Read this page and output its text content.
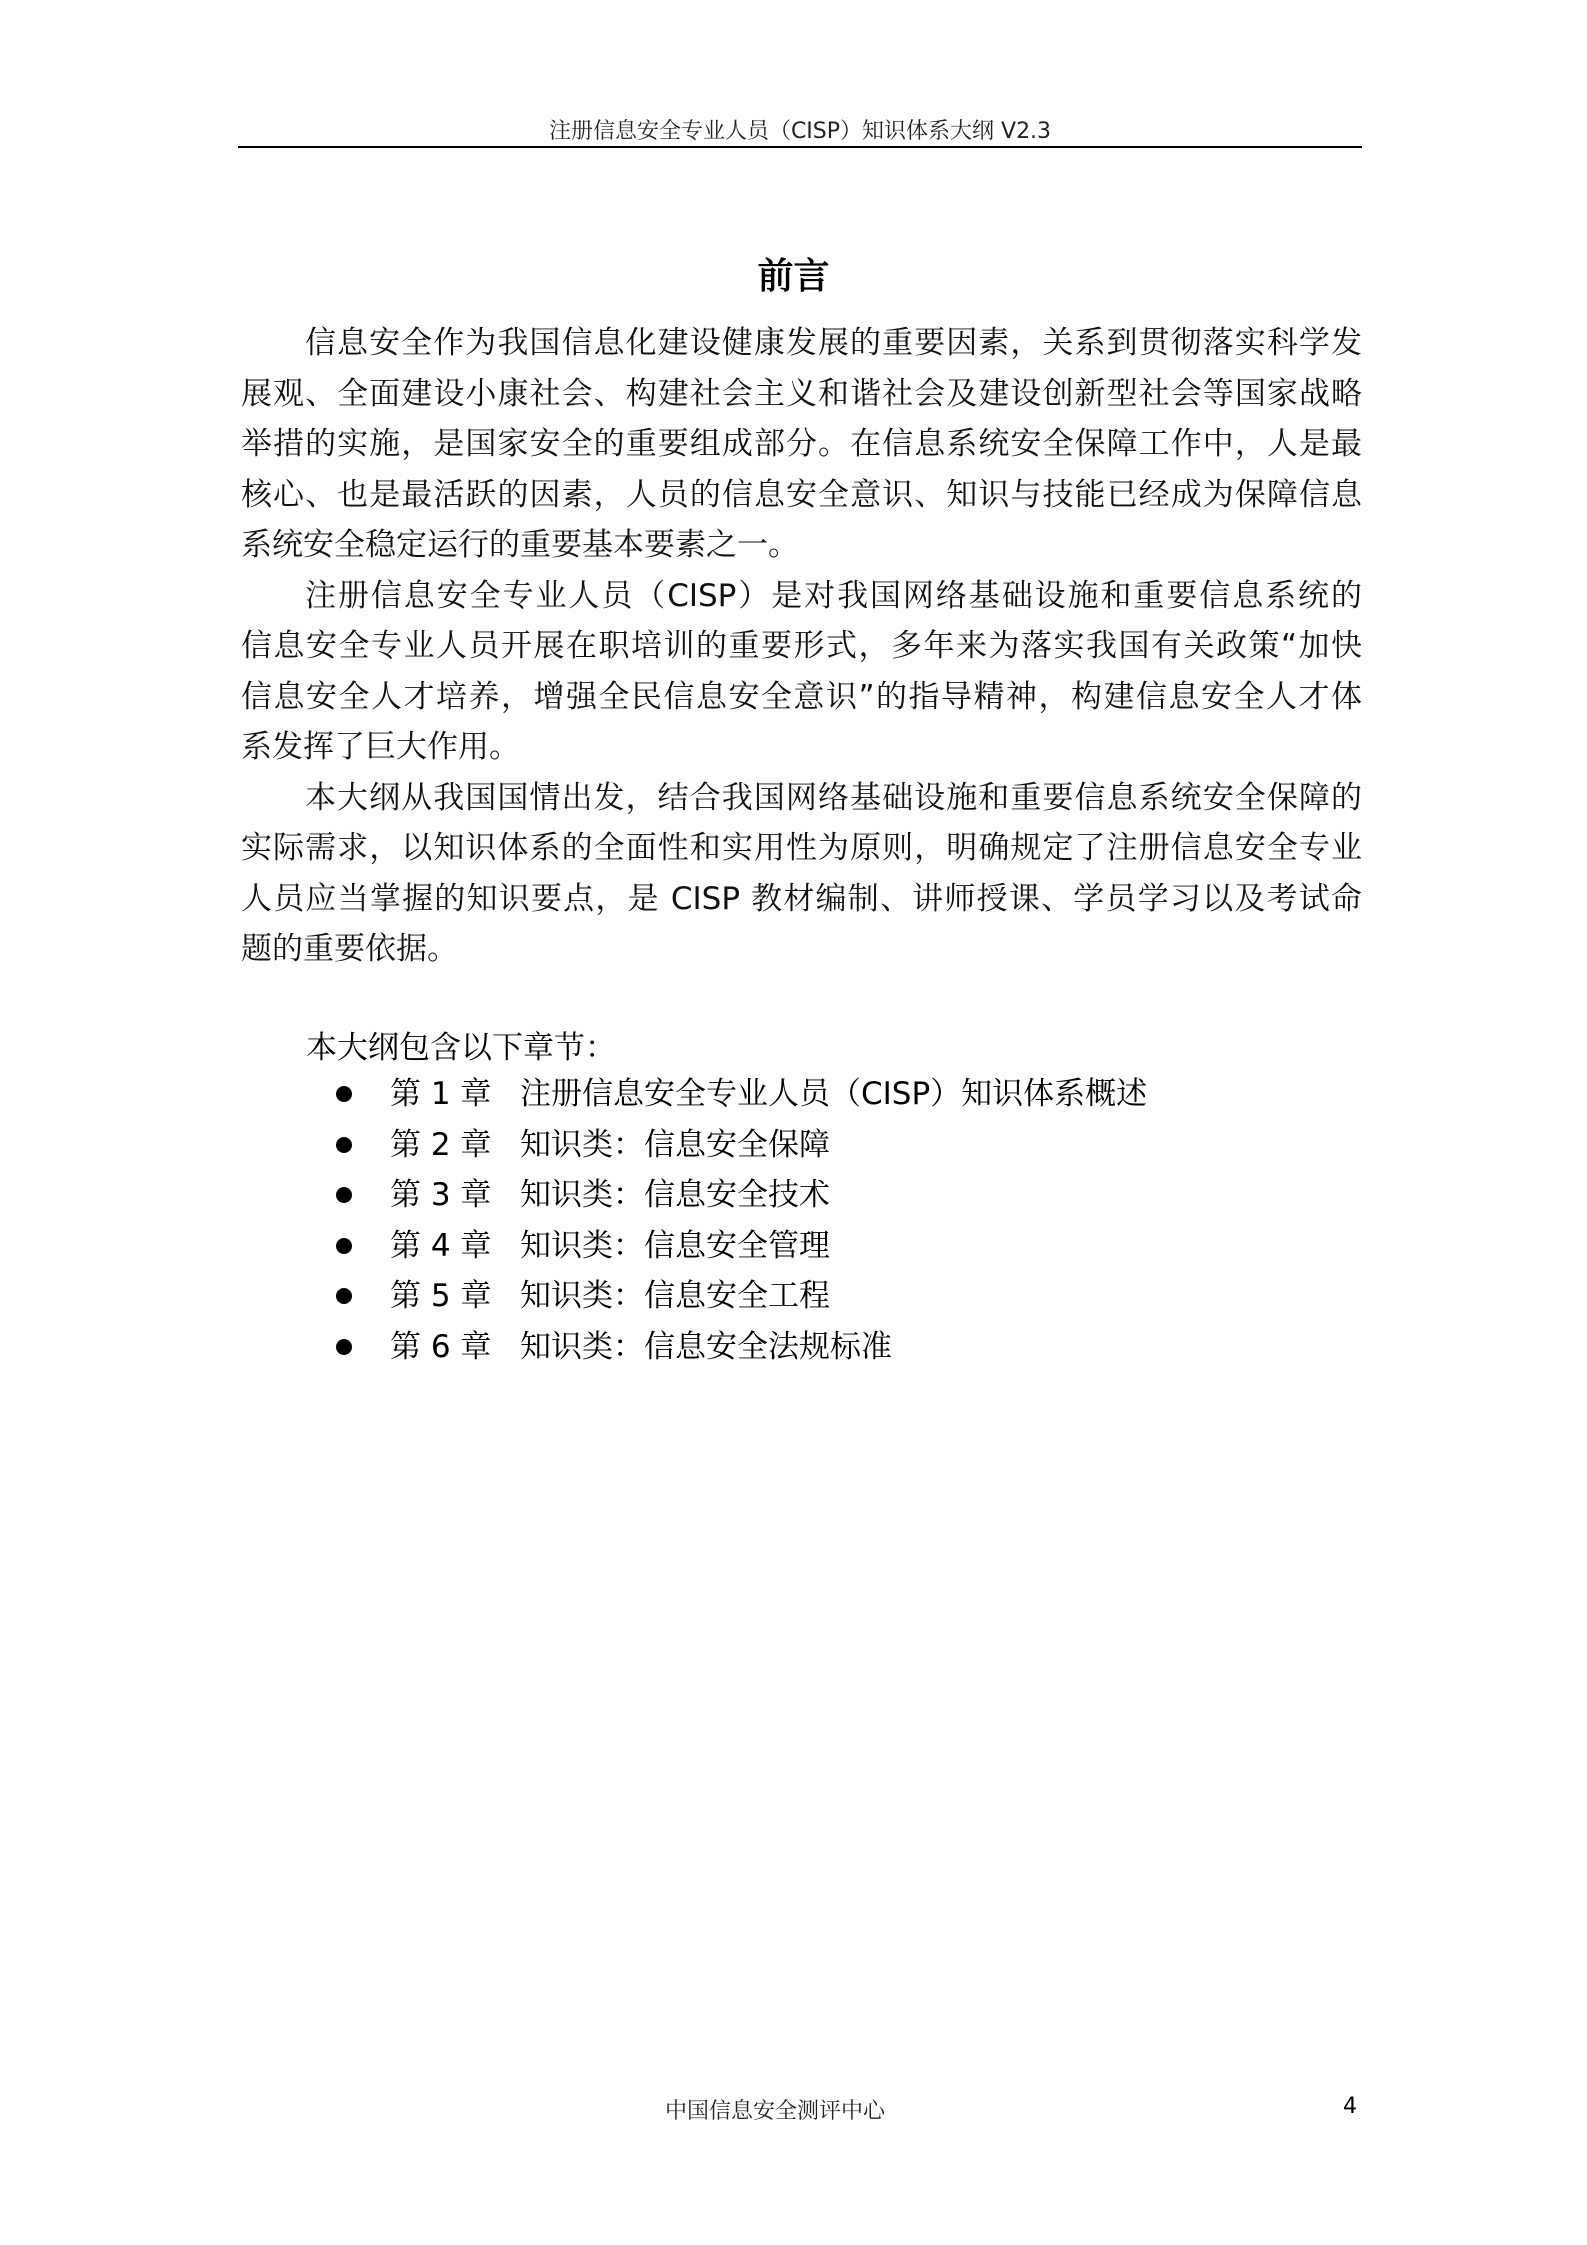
注册信息安全专业人员（CISP）知识体系大纲 V2.3
前言
信息安全作为我国信息化建设健康发展的重要因素，关系到贯彻落实科学发
展观、全面建设小康社会、构建社会主义和谐社会及建设创新型社会等国家战略
举措的实施，是国家安全的重要组成部分。在信息系统安全保障工作中，人是最
核心、也是最活跃的因素，人员的信息安全意识、知识与技能已经成为保障信息
系统安全稳定运行的重要基本要素之一。
注册信息安全专业人员（CISP）是对我国网络基础设施和重要信息系统的
信息安全专业人员开展在职培训的重要形式，多年来为落实我国有关政策“加快
信息安全人才培养，增强全民信息安全意识”的指导精神，构建信息安全人才体
系发挥了巨大作用。
本大纲从我国国情出发，结合我国网络基础设施和重要信息系统安全保障的
实际需求，以知识体系的全面性和实用性为原则，明确规定了注册信息安全专业
人员应当掌握的知识要点，是 CISP 教材编制、讲师授课、学员学习以及考试命
题的重要依据。
本大纲包含以下章节：
第 1 章 注册信息安全专业人员（CISP）知识体系概述
第 2 章 知识类：信息安全保障
第 3 章 知识类：信息安全技术
第 4 章 知识类：信息安全管理
第 5 章 知识类：信息安全工程
第 6 章 知识类：信息安全法规标准
中国信息安全测评中心	4
